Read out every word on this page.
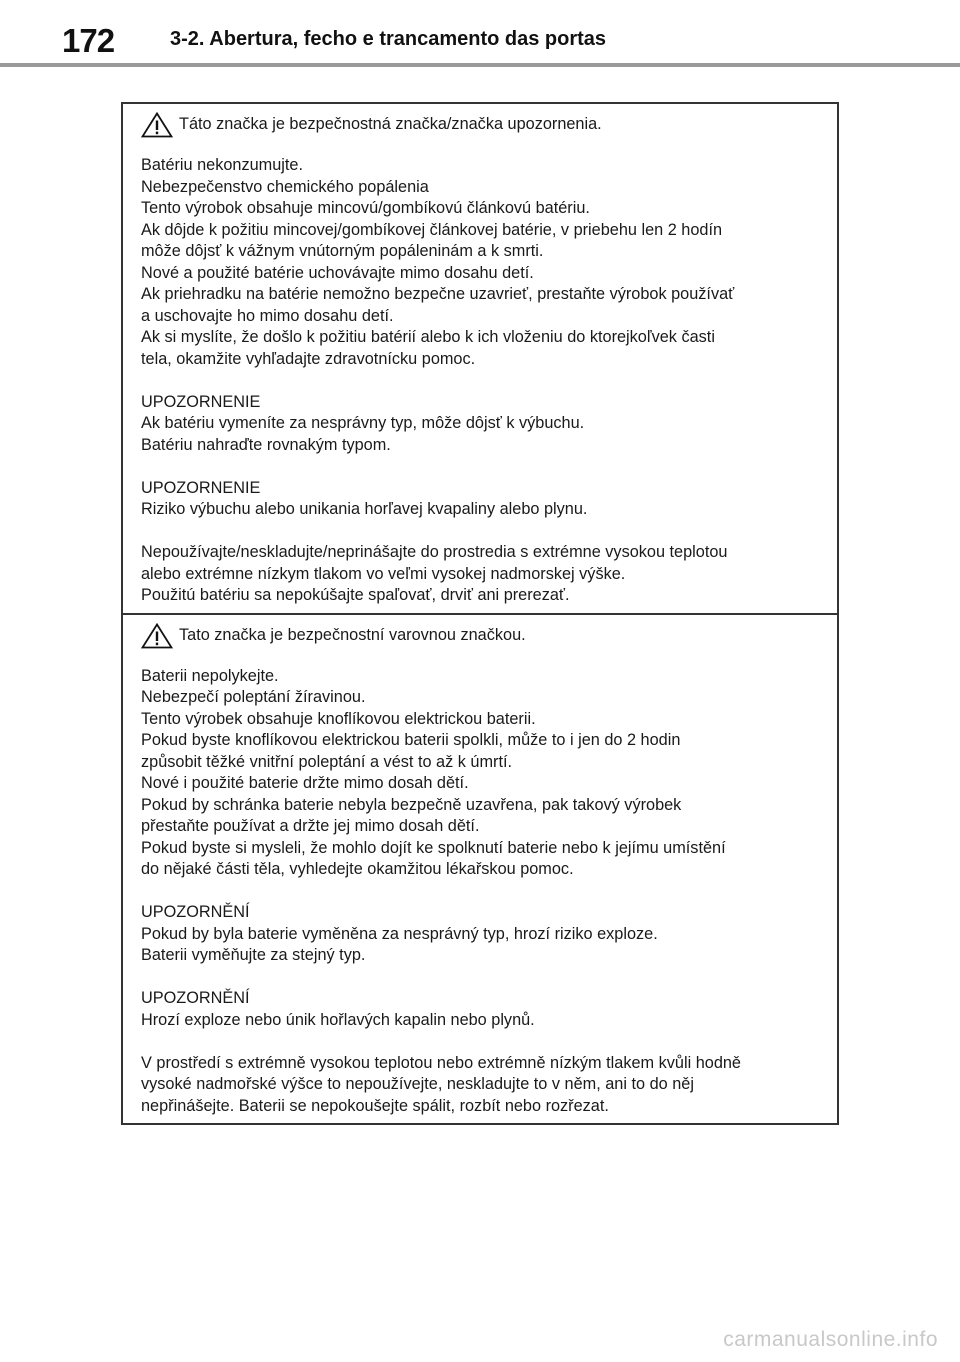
172	3-2. Abertura, fecho e trancamento das portas
Táto značka je bezpečnostná značka/značka upozornenia.
Batériu nekonzumujte.
Nebezpečenstvo chemického popálenia
Tento výrobok obsahuje mincovú/gombíkovú článkovú batériu.
Ak dôjde k požitiu mincovej/gombíkovej článkovej batérie, v priebehu len 2 hodín
môže dôjsť k vážnym vnútorným popáleninám a k smrti.
Nové a použité batérie uchovávajte mimo dosahu detí.
Ak priehradku na batérie nemožno bezpečne uzavrieť, prestaňte výrobok používať
a uschovajte ho mimo dosahu detí.
Ak si myslíte, že došlo k požitiu batérií alebo k ich vloženiu do ktorejkoľvek časti
tela, okamžite vyhľadajte zdravotnícku pomoc.
UPOZORNENIE
Ak batériu vymeníte za nesprávny typ, môže dôjsť k výbuchu.
Batériu nahraďte rovnakým typom.
UPOZORNENIE
Riziko výbuchu alebo unikania horľavej kvapaliny alebo plynu.
Nepoužívajte/neskladujte/neprinášajte do prostredia s extrémne vysokou teplotou
alebo extrémne nízkym tlakom vo veľmi vysokej nadmorskej výške.
Použitú batériu sa nepokúšajte spaľovať, drviť ani prerezať.
Tato značka je bezpečnostní varovnou značkou.
Baterii nepolykejte.
Nebezpečí poleptání žíravinou.
Tento výrobek obsahuje knoflíkovou elektrickou baterii.
Pokud byste knoflíkovou elektrickou baterii spolkli, může to i jen do 2 hodin
způsobit těžké vnitřní poleptání a vést to až k úmrtí.
Nové i použité baterie držte mimo dosah dětí.
Pokud by schránka baterie nebyla bezpečně uzavřena, pak takový výrobek
přestaňte používat a držte jej mimo dosah dětí.
Pokud byste si mysleli, že mohlo dojít ke spolknutí baterie nebo k jejímu umístění
do nějaké části těla, vyhledejte okamžitou lékařskou pomoc.
UPOZORNĚNÍ
Pokud by byla baterie vyměněna za nesprávný typ, hrozí riziko exploze.
Baterii vyměňujte za stejný typ.
UPOZORNĚNÍ
Hrozí exploze nebo únik hořlavých kapalin nebo plynů.
V prostředí s extrémně vysokou teplotou nebo extrémně nízkým tlakem kvůli hodně
vysoké nadmořské výšce to nepoužívejte, neskladujte to v něm, ani to do něj
nepřinášejte. Baterii se nepokoušejte spálit, rozbít nebo rozřezat.
carmanualsonline.info
